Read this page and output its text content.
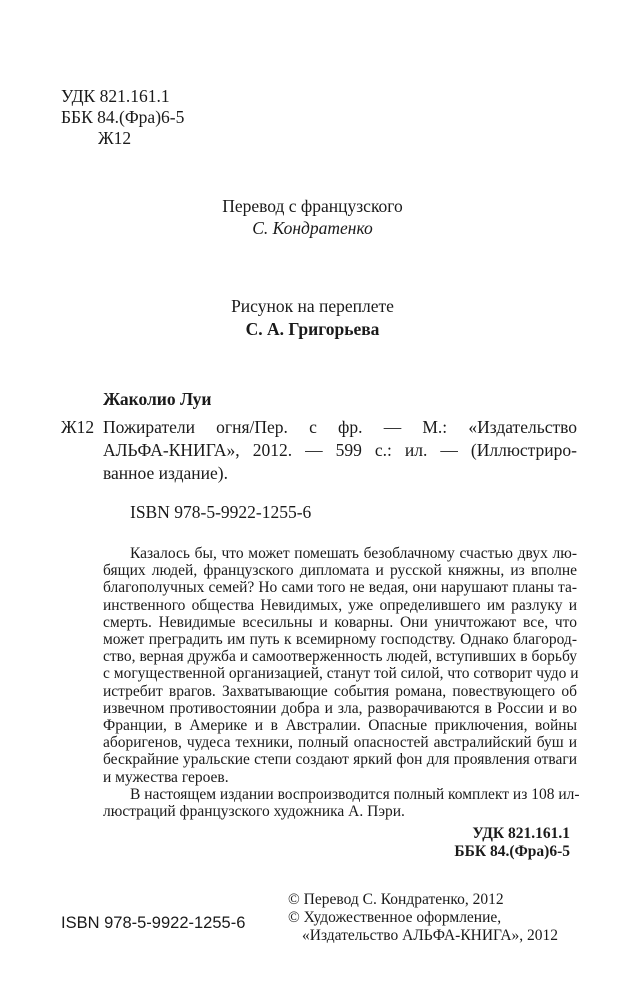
УДК 821.161.1
ББК 84.(Фра)6-5
Ж12
Перевод с французского
С. Кондратенко
Рисунок на переплете
С. А. Григорьева
Жаколио Луи
Ж12 Пожиратели огня/Пер. с фр. — М.: «Издательство
АЛЬФА-КНИГА», 2012. — 599 с.: ил. — (Иллюстриро-
ванное издание).
ISBN 978-5-9922-1255-6
Казалось бы, что может помешать безоблачному счастью двух лю-
бящих людей, французского дипломата и русской княжны, из вполне
благополучных семей? Но сами того не ведая, они нарушают планы та-
инственного общества Невидимых, уже определившего им разлуку и
смерть. Невидимые всесильны и коварны. Они уничтожают все, что
может преградить им путь к всемирному господству. Однако благород-
ство, верная дружба и самоотверженность людей, вступивших в борьбу
с могущественной организацией, станут той силой, что сотворит чудо и
истребит врагов. Захватывающие события романа, повествующего об
извечном противостоянии добра и зла, разворачиваются в России и во
Франции, в Америке и в Австралии. Опасные приключения, войны
аборигенов, чудеса техники, полный опасностей австралийский буш и
бескрайние уральские степи создают яркий фон для проявления отваги
и мужества героев.
В настоящем издании воспроизводится полный комплект из 108 ил-
люстраций французского художника А. Пэри.
УДК 821.161.1
ББК 84.(Фра)6-5
© Перевод С. Кондратенко, 2012
© Художественное оформление,
«Издательство АЛЬФА-КНИГА», 2012
ISBN 978-5-9922-1255-6
